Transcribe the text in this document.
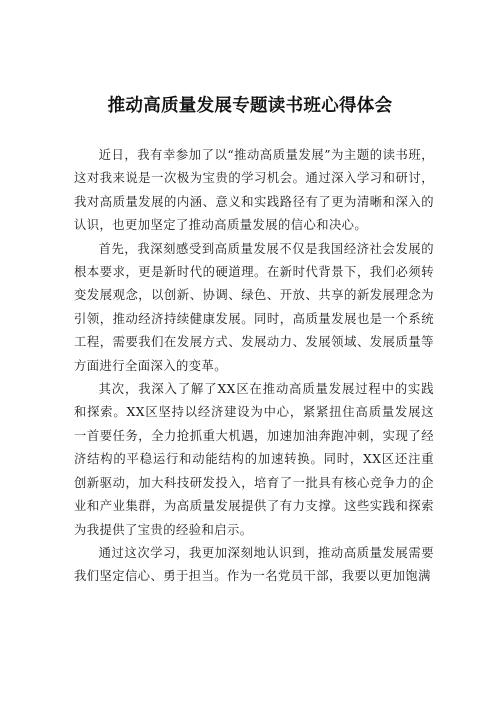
推动高质量发展专题读书班心得体会

近日，我有幸参加了以“推动高质量发展”为主题的读书班，这对我来说是一次极为宝贵的学习机会。通过深入学习和研讨，我对高质量发展的内涵、意义和实践路径有了更为清晰和深入的认识，也更加坚定了推动高质量发展的信心和决心。

首先，我深刻感受到高质量发展不仅是我国经济社会发展的根本要求，更是新时代的硬道理。在新时代背景下，我们必须转变发展观念，以创新、协调、绿色、开放、共享的新发展理念为引领，推动经济持续健康发展。同时，高质量发展也是一个系统工程，需要我们在发展方式、发展动力、发展领域、发展质量等方面进行全面深入的变革。

其次，我深入了解了XX区在推动高质量发展过程中的实践和探索。XX区坚持以经济建设为中心，紧紧扭住高质量发展这一首要任务，全力抢抓重大机遇，加速加油奔跑冲刺，实现了经济结构的平稳运行和动能结构的加速转换。同时，XX区还注重创新驱动，加大科技研发投入，培育了一批具有核心竞争力的企业和产业集群，为高质量发展提供了有力支撑。这些实践和探索为我提供了宝贵的经验和启示。

通过这次学习，我更加深刻地认识到，推动高质量发展需要我们坚定信心、勇于担当。作为一名党员干部，我要以更加饱满
